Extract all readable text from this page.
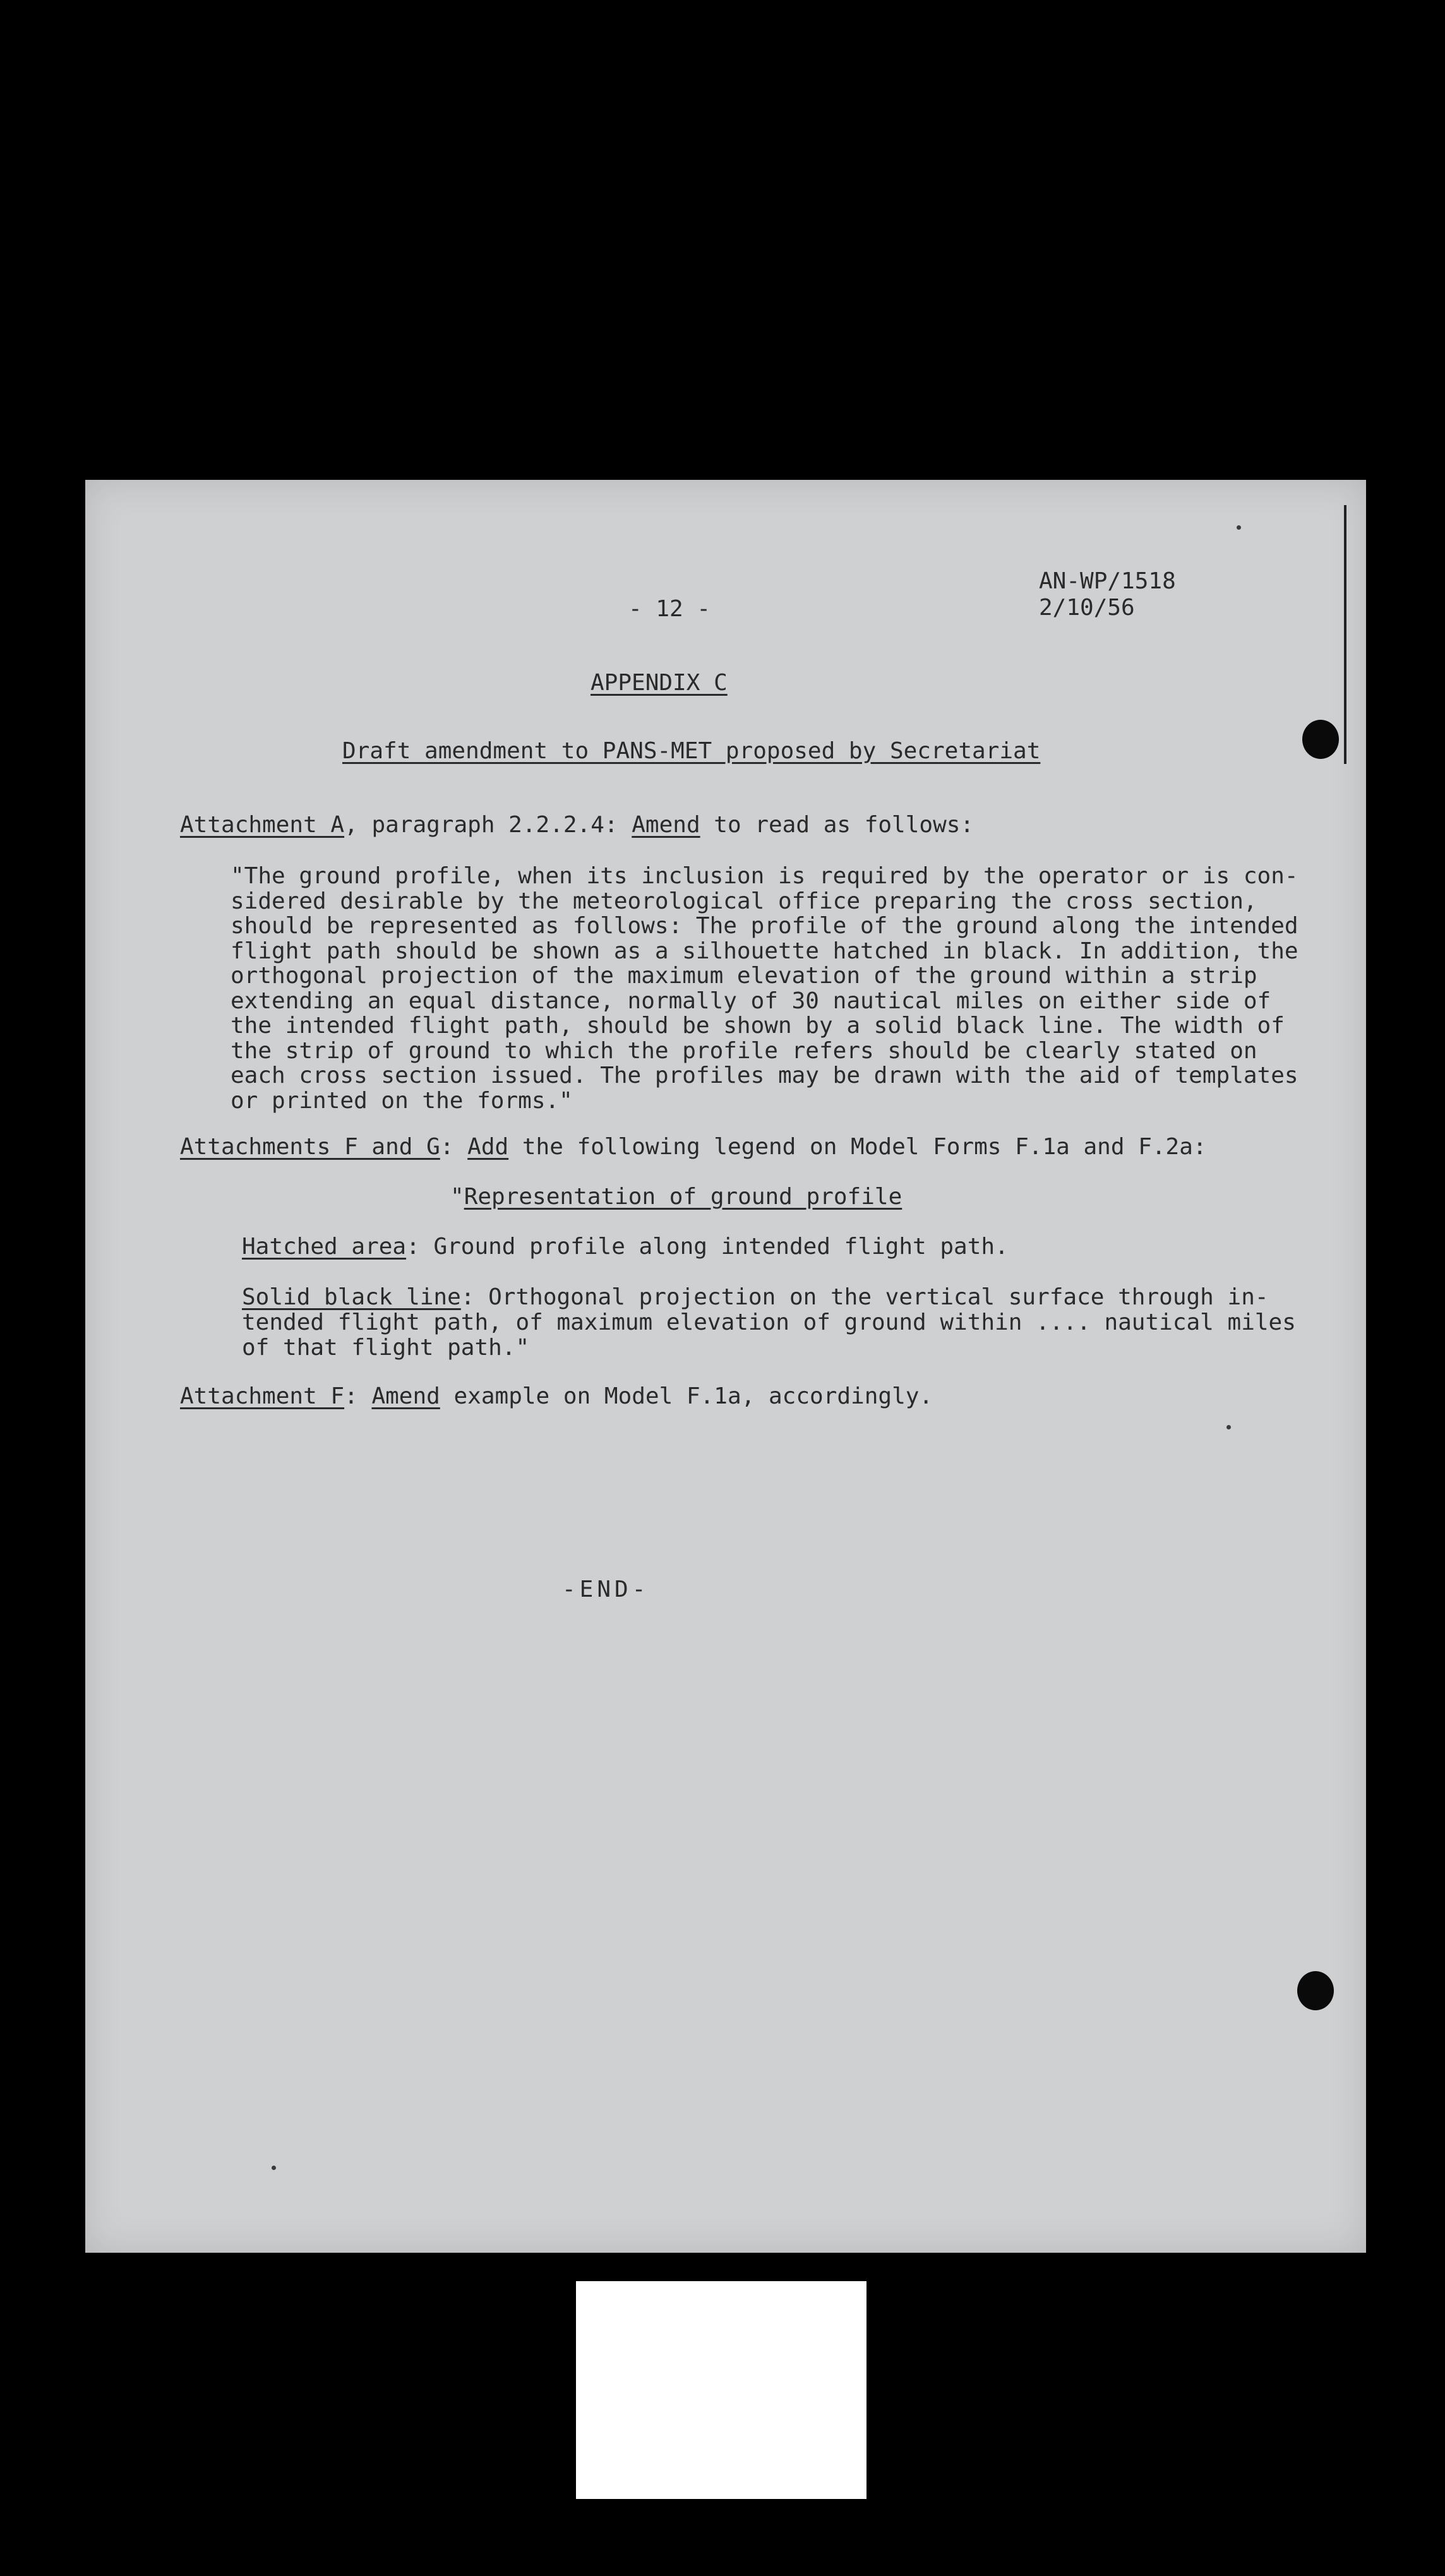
- 12 -
AN-WP/1518
2/10/56
APPENDIX C
Draft amendment to PANS-MET proposed by Secretariat
Attachment A, paragraph 2.2.2.4: Amend to read as follows:
"The ground profile, when its inclusion is required by the operator or is con-
sidered desirable by the meteorological office preparing the cross section,
should be represented as follows: The profile of the ground along the intended
flight path should be shown as a silhouette hatched in black. In addition, the
orthogonal projection of the maximum elevation of the ground within a strip
extending an equal distance, normally of 30 nautical miles on either side of
the intended flight path, should be shown by a solid black line. The width of
the strip of ground to which the profile refers should be clearly stated on
each cross section issued. The profiles may be drawn with the aid of templates
or printed on the forms."
Attachments F and G: Add the following legend on Model Forms F.1a and F.2a:
"Representation of ground profile
Hatched area: Ground profile along intended flight path.
Solid black line: Orthogonal projection on the vertical surface through in-
tended flight path, of maximum elevation of ground within .... nautical miles
of that flight path."
Attachment F: Amend example on Model F.1a, accordingly.
-END-
